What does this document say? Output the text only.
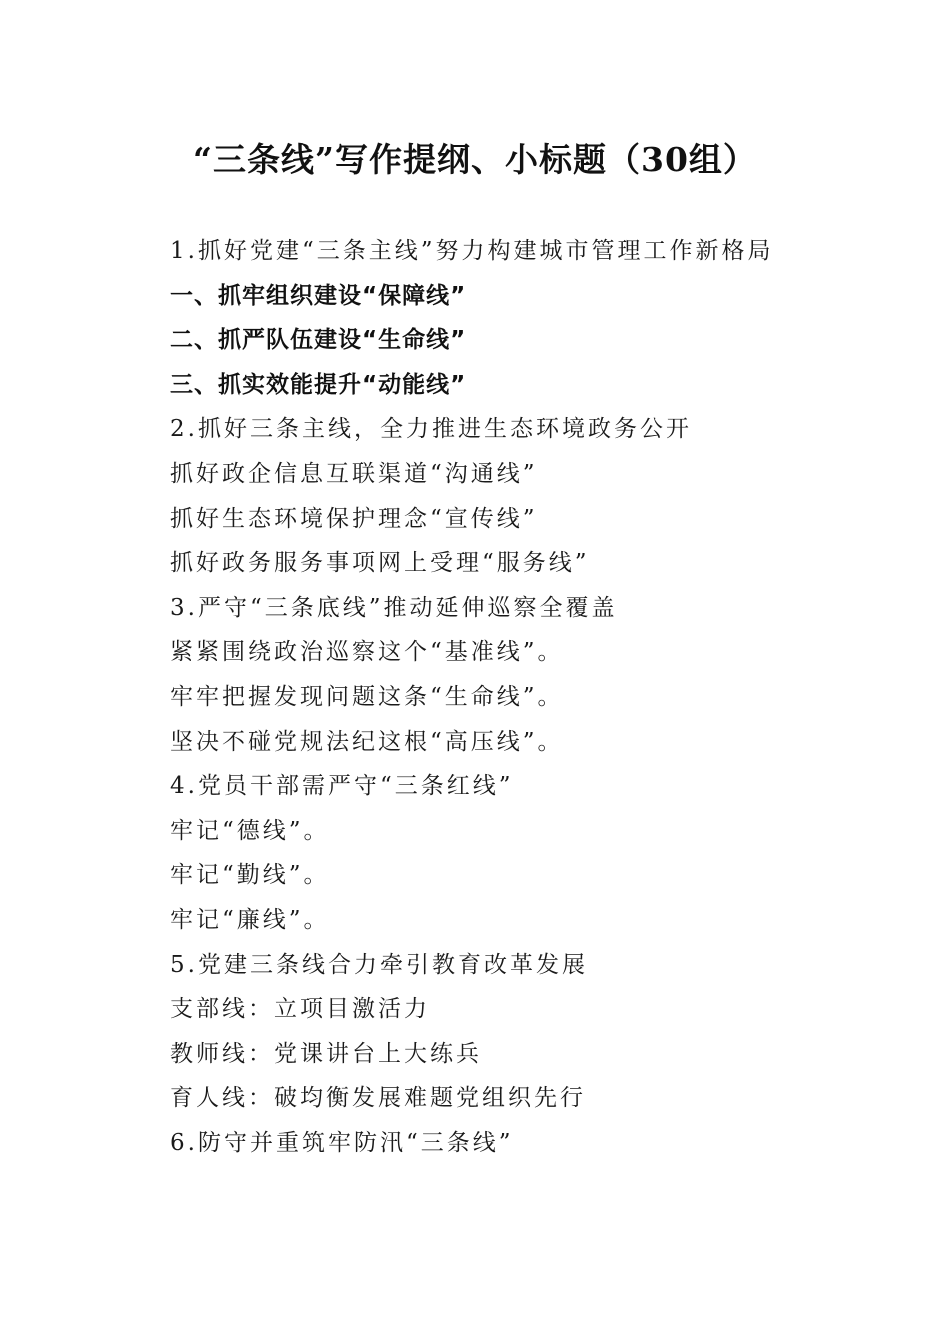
“三条线”写作提纲、小标题（30组）
1.抓好党建“三条主线”努力构建城市管理工作新格局
一、抓牢组织建设“保障线”
二、抓严队伍建设“生命线”
三、抓实效能提升“动能线”
2.抓好三条主线，全力推进生态环境政务公开
抓好政企信息互联渠道“沟通线”
抓好生态环境保护理念“宣传线”
抓好政务服务事项网上受理“服务线”
3.严守“三条底线”推动延伸巡察全覆盖
紧紧围绕政治巡察这个“基准线”。
牢牢把握发现问题这条“生命线”。
坚决不碰党规法纪这根“高压线”。
4.党员干部需严守“三条红线”
牢记“德线”。
牢记“勤线”。
牢记“廉线”。
5.党建三条线合力牵引教育改革发展
支部线：立项目激活力
教师线：党课讲台上大练兵
育人线：破均衡发展难题党组织先行
6.防守并重筑牢防汛“三条线”
